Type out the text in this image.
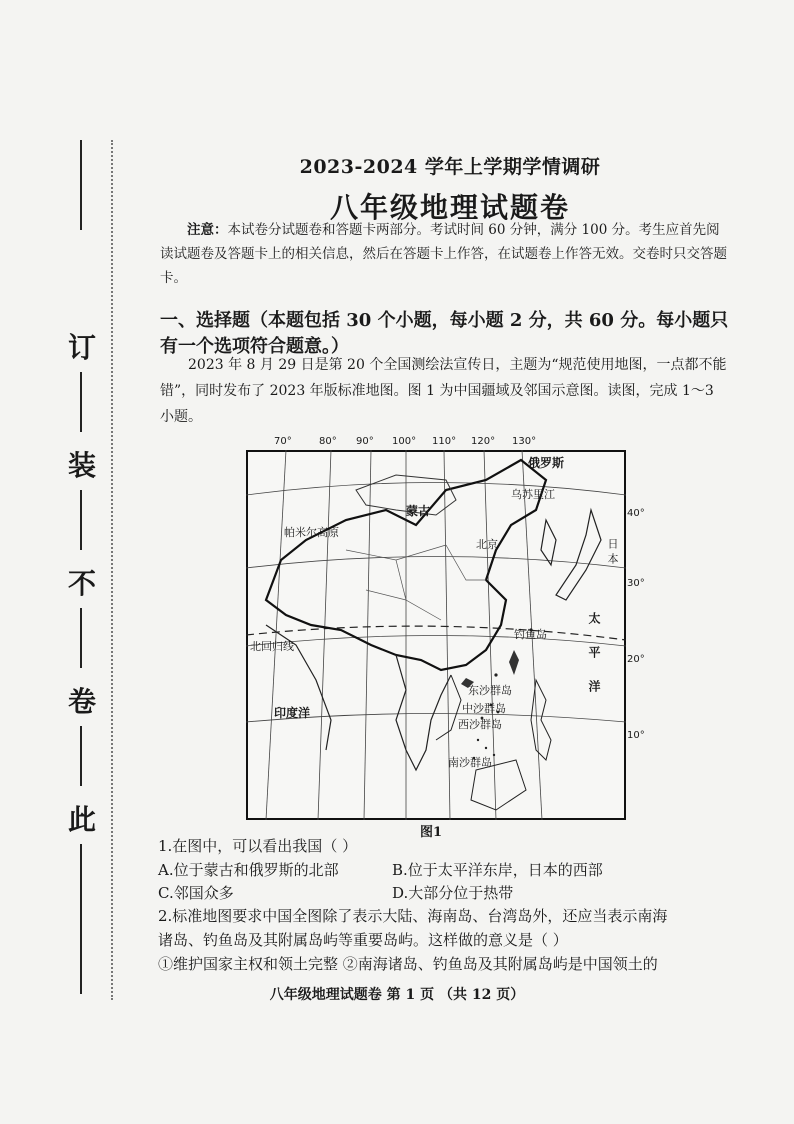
订
装
不
卷
此
2023-2024 学年上学期学情调研
八年级地理试题卷
注意：本试卷分试题卷和答题卡两部分。考试时间 60 分钟，满分 100 分。考生应首先阅读试题卷及答题卡上的相关信息，然后在答题卡上作答，在试题卷上作答无效。交卷时只交答题卡。
一、选择题（本题包括 30 个小题，每小题 2 分，共 60 分。每小题只有一个选项符合题意。）
2023 年 8 月 29 日是第 20 个全国测绘法宣传日，主题为“规范使用地图，一点都不能错”，同时发布了 2023 年版标准地图。图 1 为中国疆域及邻国示意图。读图，完成 1～3 小题。
70°	80° 90° 100° 110° 120° 130°
40°
30°
20°
10°
俄罗斯
蒙古
乌苏里江
帕米尔高原
北京
北回归线
钓鱼岛
东沙群岛
中沙群岛
西沙群岛
南沙群岛
印度洋	太平洋
日本
图1
1.在图中，可以看出我国（ ）
A.位于蒙古和俄罗斯的北部	B.位于太平洋东岸，日本的西部
C.邻国众多	D.大部分位于热带
2.标准地图要求中国全图除了表示大陆、海南岛、台湾岛外，还应当表示南海
诸岛、钓鱼岛及其附属岛屿等重要岛屿。这样做的意义是（ ）
①维护国家主权和领土完整 ②南海诸岛、钓鱼岛及其附属岛屿是中国领土的
八年级地理试题卷 第 1 页 （共 12 页）
